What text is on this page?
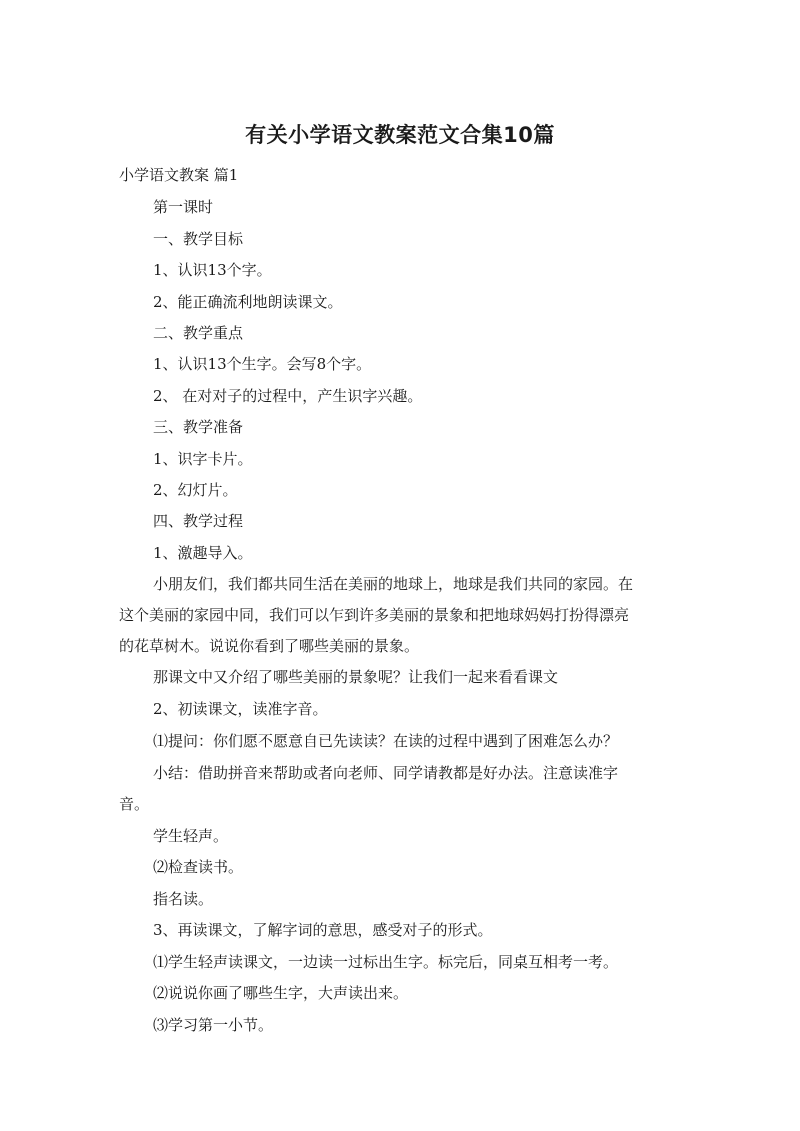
有关小学语文教案范文合集10篇
小学语文教案 篇1
第一课时
一、教学目标
1、认识13个字。
2、能正确流利地朗读课文。
二、教学重点
1、认识13个生字。会写8个字。
2、 在对对子的过程中，产生识字兴趣。
三、教学准备
1、识字卡片。
2、幻灯片。
四、教学过程
1、激趣导入。
小朋友们，我们都共同生活在美丽的地球上，地球是我们共同的家园。在
这个美丽的家园中同，我们可以乍到许多美丽的景象和把地球妈妈打扮得漂亮
的花草树木。说说你看到了哪些美丽的景象。
那课文中又介绍了哪些美丽的景象呢？让我们一起来看看课文
2、初读课文，读准字音。
⑴提问：你们愿不愿意自已先读读？在读的过程中遇到了困难怎么办？
小结：借助拼音来帮助或者向老师、同学请教都是好办法。注意读准字
音。
学生轻声。
⑵检查读书。
指名读。
3、再读课文，了解字词的意思，感受对子的形式。
⑴学生轻声读课文，一边读一过标出生字。标完后，同桌互相考一考。
⑵说说你画了哪些生字，大声读出来。
⑶学习第一小节。
